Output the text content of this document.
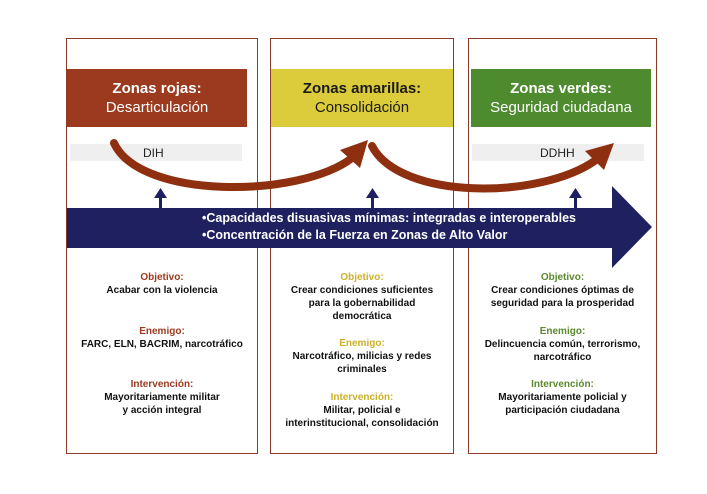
Zonas rojas:
Desarticulación
Zonas amarillas:
Consolidación
Zonas verdes:
Seguridad ciudadana
DIH	DDHH
•Capacidades disuasivas mínimas: integradas e interoperables
•Concentración de la Fuerza en Zonas de Alto Valor
Objetivo:
Acabar con la violencia
Enemigo:
FARC, ELN, BACRIM, narcotráfico
Intervención:
Mayoritariamente militar
y acción integral
Objetivo:
Crear condiciones suficientes
para la gobernabilidad
democrática
Enemigo:
Narcotráfico, milicias y redes
criminales
Intervención:
Militar, policial e
interinstitucional, consolidación
Objetivo:
Crear condiciones óptimas de
seguridad para la prosperidad
Enemigo:
Delincuencia común, terrorismo,
narcotráfico
Intervención:
Mayoritariamente policial y
participación ciudadana
